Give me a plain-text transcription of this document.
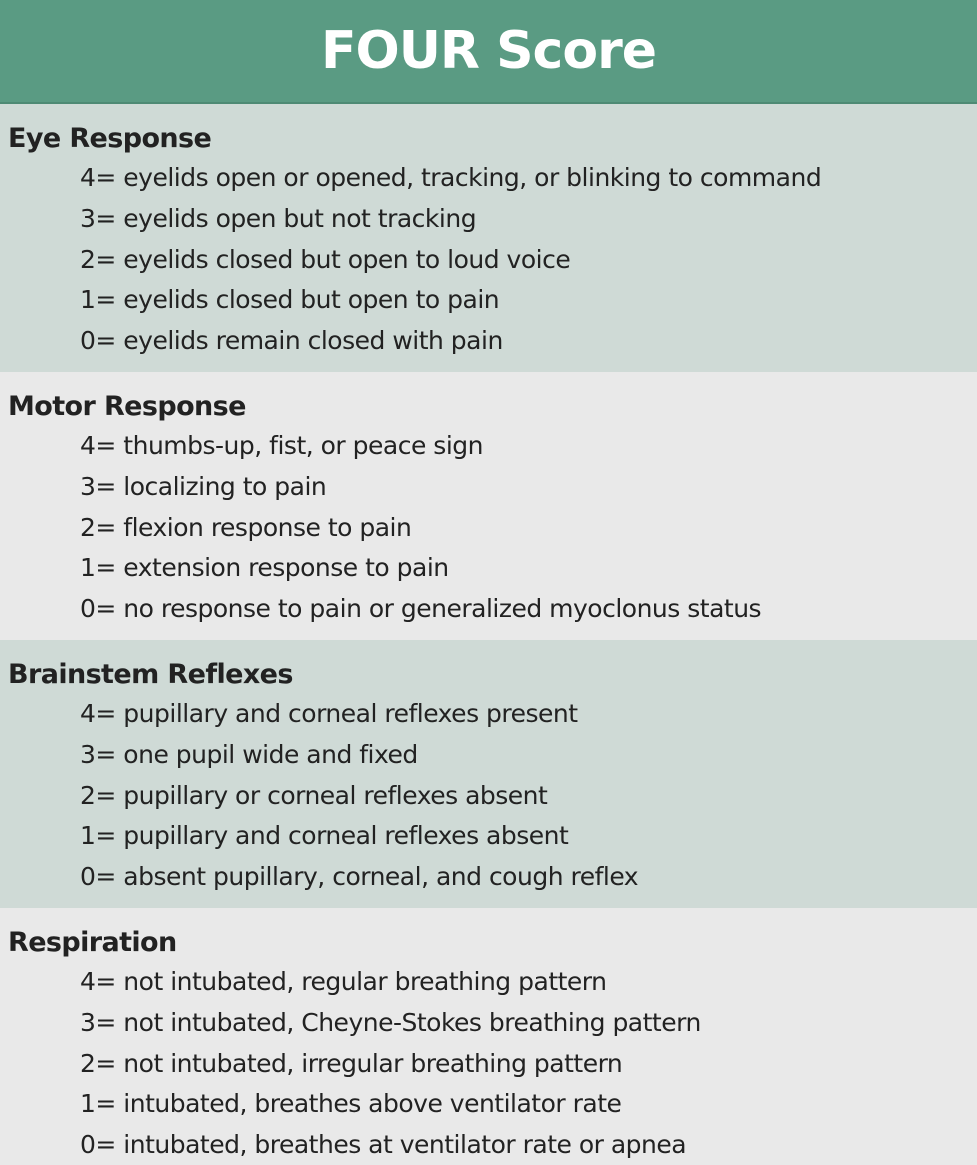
FOUR Score
Eye Response
4= eyelids open or opened, tracking, or blinking to command
3= eyelids open but not tracking
2= eyelids closed but open to loud voice
1= eyelids closed but open to pain
0= eyelids remain closed with pain
Motor Response
4= thumbs-up, fist, or peace sign
3= localizing to pain
2= flexion response to pain
1= extension response to pain
0= no response to pain or generalized myoclonus status
Brainstem Reflexes
4= pupillary and corneal reflexes present
3= one pupil wide and fixed
2= pupillary or corneal reflexes absent
1= pupillary and corneal reflexes absent
0= absent pupillary, corneal, and cough reflex
Respiration
4= not intubated, regular breathing pattern
3= not intubated, Cheyne-Stokes breathing pattern
2= not intubated, irregular breathing pattern
1= intubated, breathes above ventilator rate
0= intubated, breathes at ventilator rate or apnea
